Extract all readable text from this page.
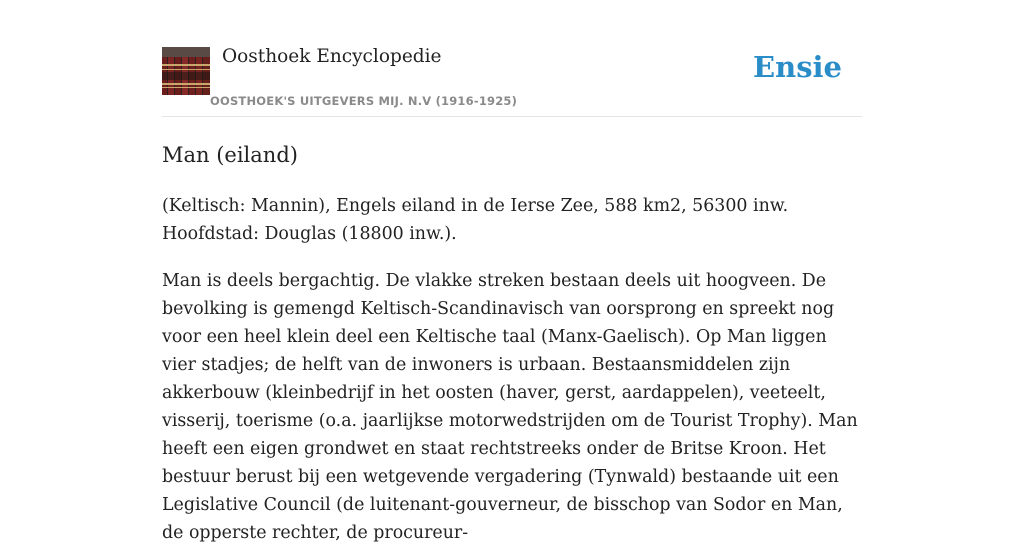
Oosthoek Encyclopedie
OOSTHOEK'S UITGEVERS MIJ. N.V (1916-1925)
Ensie
Man (eiland)

(Keltisch: Mannin), Engels eiland in de Ierse Zee, 588 km2, 56300 inw. Hoofdstad: Douglas (18800 inw.).

Man is deels bergachtig. De vlakke streken bestaan deels uit hoogveen. De bevolking is gemengd Keltisch-Scandinavisch van oorsprong en spreekt nog voor een heel klein deel een Keltische taal (Manx-Gaelisch). Op Man liggen vier stadjes; de helft van de inwoners is urbaan. Bestaansmiddelen zijn akkerbouw (kleinbedrijf in het oosten (haver, gerst, aardappelen), veeteelt, visserij, toerisme (o.a. jaarlijkse motorwedstrijden om de Tourist Trophy). Man heeft een eigen grondwet en staat rechtstreeks onder de Britse Kroon. Het bestuur berust bij een wetgevende vergadering (Tynwald) bestaande uit een Legislative Council (de luitenant-gouverneur, de bisschop van Sodor en Man, de opperste rechter, de procureur-
